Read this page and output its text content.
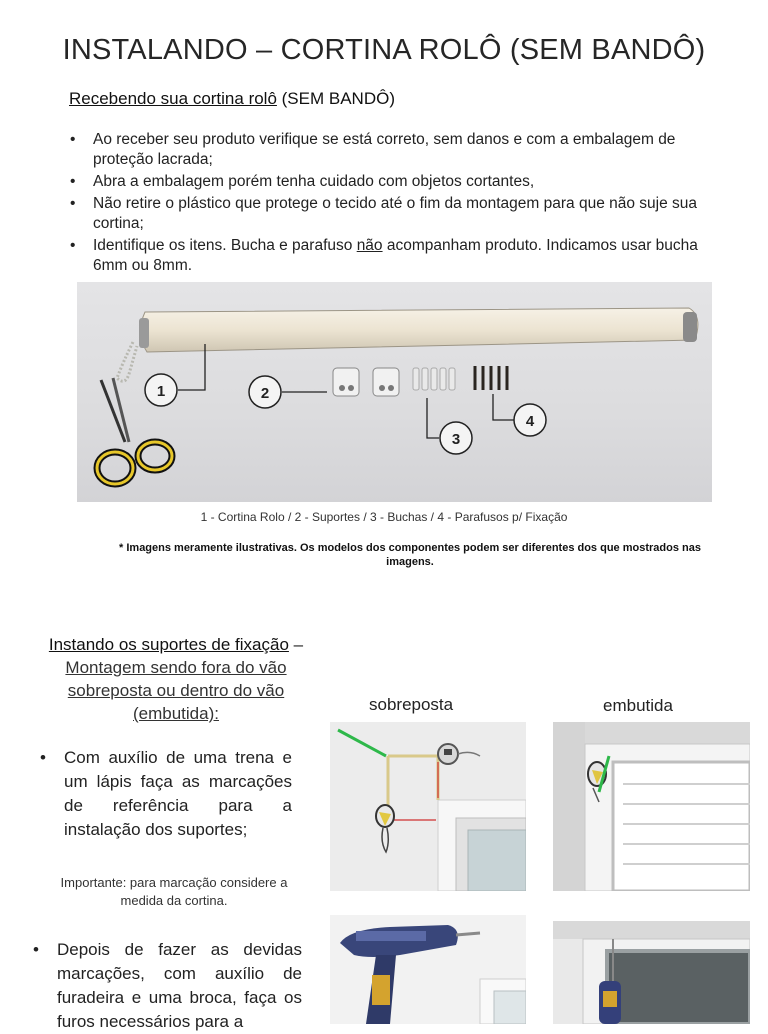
INSTALANDO – CORTINA ROLÔ (SEM BANDÔ)
Recebendo sua cortina rolô (SEM BANDÔ)
• Ao receber seu produto verifique se está correto, sem danos e com a embalagem de proteção lacrada;
• Abra a embalagem porém tenha cuidado com objetos cortantes,
• Não retire o plástico que protege o tecido até o fim da montagem para que não suje sua cortina;
• Identifique os itens. Bucha e parafuso não acompanham produto. Indicamos usar bucha 6mm ou 8mm.
1	2
3
4
1 - Cortina Rolo / 2 - Suportes / 3 - Buchas / 4 - Parafusos p/ Fixação
* Imagens meramente ilustrativas. Os modelos dos componentes podem ser diferentes dos que mostrados nas imagens.
Instando os suportes de fixação – Montagem sendo fora do vão sobreposta ou dentro do vão (embutida):
• Com auxílio de uma trena e um lápis faça as marcações de referência para a instalação dos suportes;
Importante: para marcação considere a medida da cortina.
• Depois de fazer as devidas marcações, com auxílio de furadeira e uma broca, faça os furos necessários para a
sobreposta	embutida
